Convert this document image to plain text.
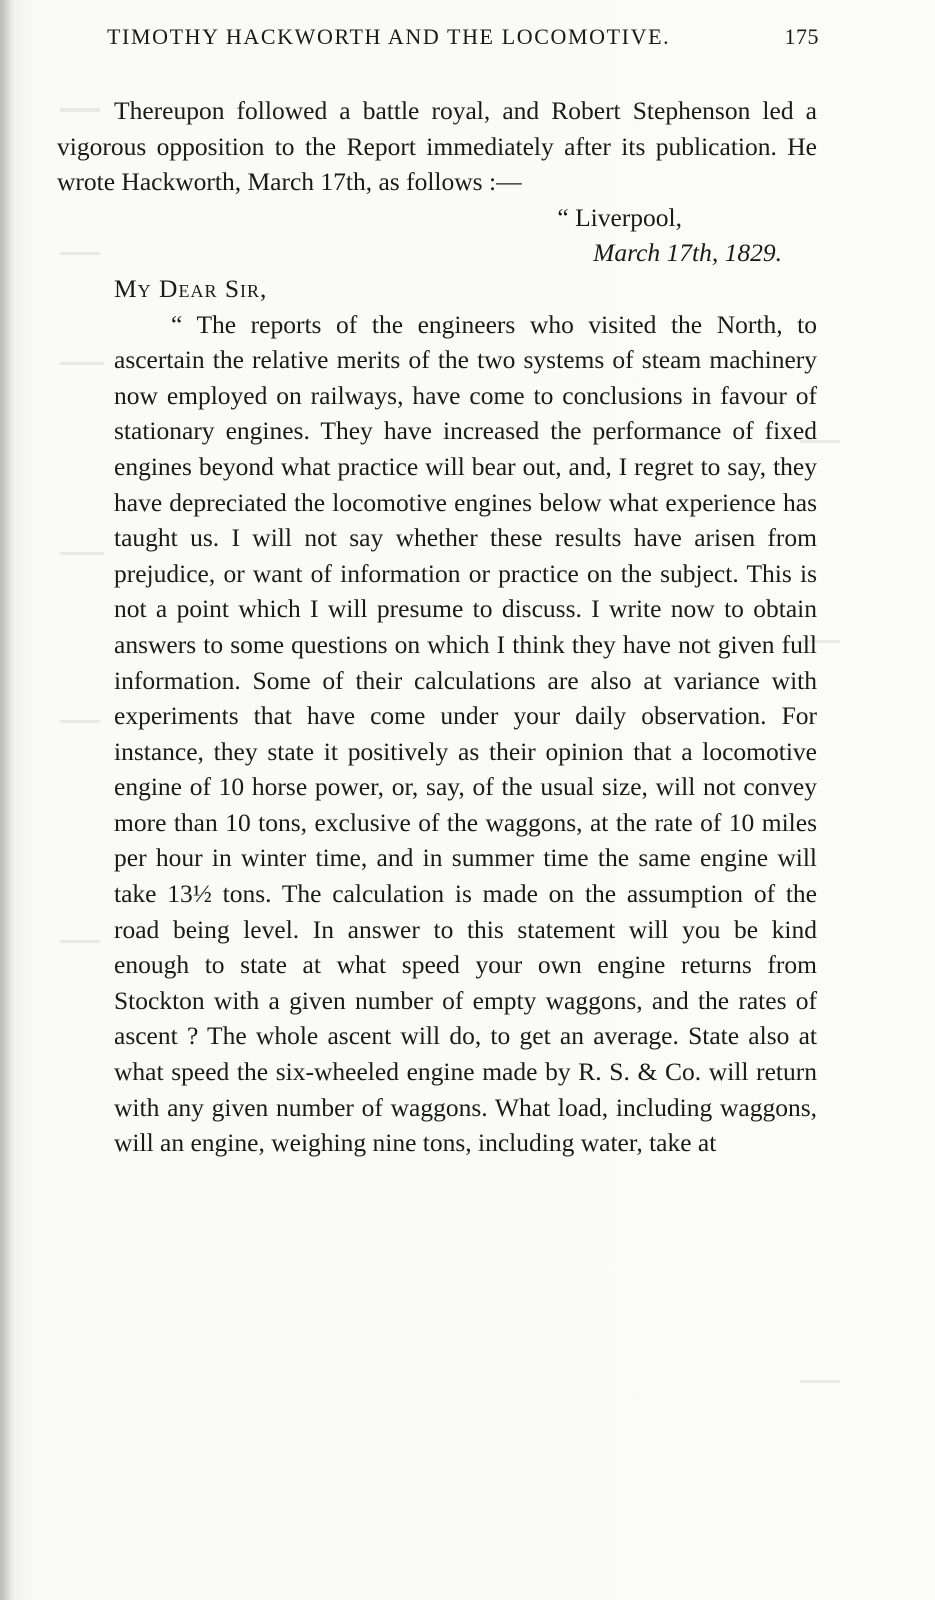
TIMOTHY HACKWORTH AND THE LOCOMOTIVE.	175

Thereupon followed a battle royal, and Robert Stephenson led a vigorous opposition to the Report immediately after its publication. He wrote Hackworth, March 17th, as follows :—

“ Liverpool,

March 17th, 1829.

My Dear Sir,

“ The reports of the engineers who visited the North, to ascertain the relative merits of the two systems of steam machinery now employed on railways, have come to conclusions in favour of stationary engines. They have increased the performance of fixed engines beyond what practice will bear out, and, I regret to say, they have depreciated the locomotive engines below what experience has taught us. I will not say whether these results have arisen from prejudice, or want of information or practice on the subject. This is not a point which I will presume to discuss. I write now to obtain answers to some questions on which I think they have not given full information. Some of their calculations are also at variance with experiments that have come under your daily observation. For instance, they state it positively as their opinion that a locomotive engine of 10 horse power, or, say, of the usual size, will not convey more than 10 tons, exclusive of the waggons, at the rate of 10 miles per hour in winter time, and in summer time the same engine will take 13½ tons. The calculation is made on the assumption of the road being level. In answer to this statement will you be kind enough to state at what speed your own engine returns from Stockton with a given number of empty waggons, and the rates of ascent ? The whole ascent will do, to get an average. State also at what speed the six-wheeled engine made by R. S. & Co. will return with any given number of waggons. What load, including waggons, will an engine, weighing nine tons, including water, take at
